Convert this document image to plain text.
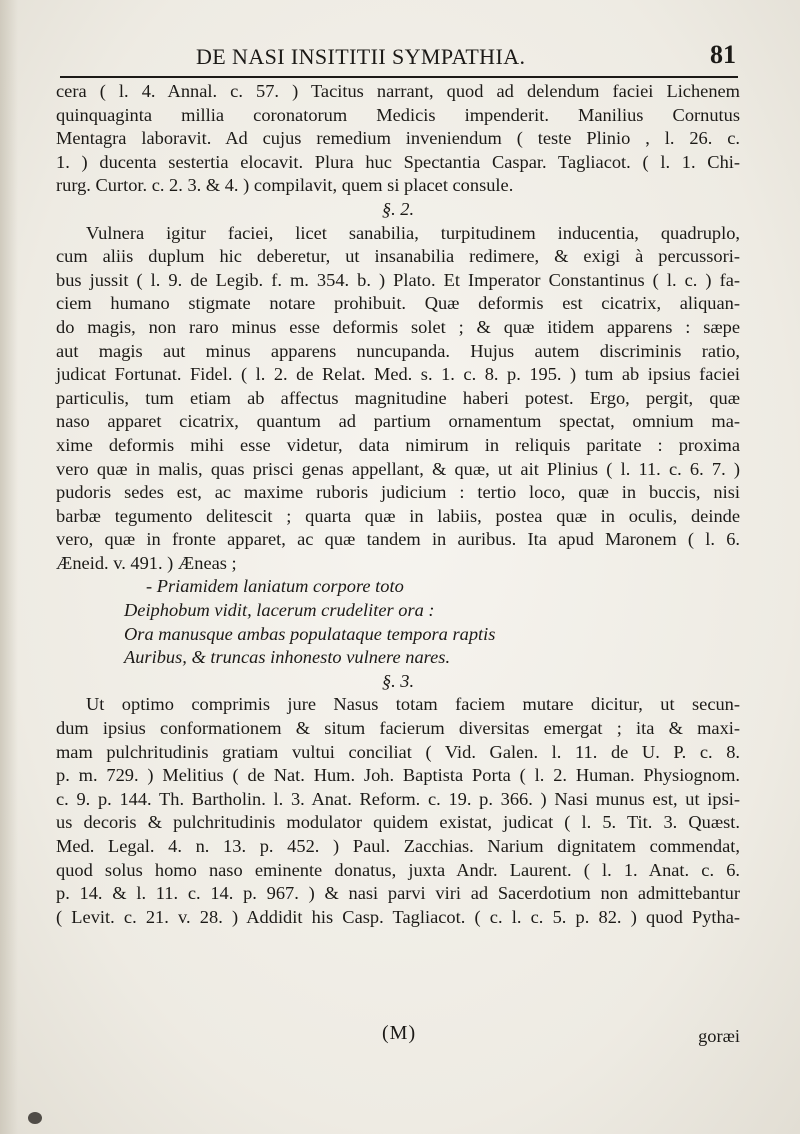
DE NASI INSITITII SYMPATHIA.	81
cera ( l. 4. Annal. c. 57. ) Tacitus narrant, quod ad delendum faciei Lichenem
quinquaginta millia coronatorum Medicis impenderit. Manilius Cornutus
Mentagra laboravit. Ad cujus remedium inveniendum ( teste Plinio , l. 26. c.
1. ) ducenta sestertia elocavit. Plura huc Spectantia Caspar. Tagliacot. ( l. 1. Chi-
rurg. Curtor. c. 2. 3. & 4. ) compilavit, quem si placet consule.
§. 2.
Vulnera igitur faciei, licet sanabilia, turpitudinem inducentia, quadruplo,
cum aliis duplum hic deberetur, ut insanabilia redimere, & exigi à percussori-
bus jussit ( l. 9. de Legib. f. m. 354. b. ) Plato. Et Imperator Constantinus ( l. c. ) fa-
ciem humano stigmate notare prohibuit. Quæ deformis est cicatrix, aliquan-
do magis, non raro minus esse deformis solet ; & quæ itidem apparens : sæpe
aut magis aut minus apparens nuncupanda. Hujus autem discriminis ratio,
judicat Fortunat. Fidel. ( l. 2. de Relat. Med. s. 1. c. 8. p. 195. ) tum ab ipsius faciei
particulis, tum etiam ab affectus magnitudine haberi potest. Ergo, pergit, quæ
naso apparet cicatrix, quantum ad partium ornamentum spectat, omnium ma-
xime deformis mihi esse videtur, data nimirum in reliquis paritate : proxima
vero quæ in malis, quas prisci genas appellant, & quæ, ut ait Plinius ( l. 11. c. 6. 7. )
pudoris sedes est, ac maxime ruboris judicium : tertio loco, quæ in buccis, nisi
barbæ tegumento delitescit ; quarta quæ in labiis, postea quæ in oculis, deinde
vero, quæ in fronte apparet, ac quæ tandem in auribus. Ita apud Maronem ( l. 6.
Æneid. v. 491. ) Æneas ;
- Priamidem laniatum corpore toto
Deiphobum vidit, lacerum crudeliter ora :
Ora manusque ambas populataque tempora raptis
Auribus, & truncas inhonesto vulnere nares.
§. 3.
Ut optimo comprimis jure Nasus totam faciem mutare dicitur, ut secun-
dum ipsius conformationem & situm facierum diversitas emergat ; ita & maxi-
mam pulchritudinis gratiam vultui conciliat ( Vid. Galen. l. 11. de U. P. c. 8.
p. m. 729. ) Melitius ( de Nat. Hum. Joh. Baptista Porta ( l. 2. Human. Physiognom.
c. 9. p. 144. Th. Bartholin. l. 3. Anat. Reform. c. 19. p. 366. ) Nasi munus est, ut ipsi-
us decoris & pulchritudinis modulator quidem existat, judicat ( l. 5. Tit. 3. Quæst.
Med. Legal. 4. n. 13. p. 452. ) Paul. Zacchias. Narium dignitatem commendat,
quod solus homo naso eminente donatus, juxta Andr. Laurent. ( l. 1. Anat. c. 6.
p. 14. & l. 11. c. 14. p. 967. ) & nasi parvi viri ad Sacerdotium non admittebantur
( Levit. c. 21. v. 28. ) Addidit his Casp. Tagliacot. ( c. l. c. 5. p. 82. ) quod Pytha-
(M)	goræi
